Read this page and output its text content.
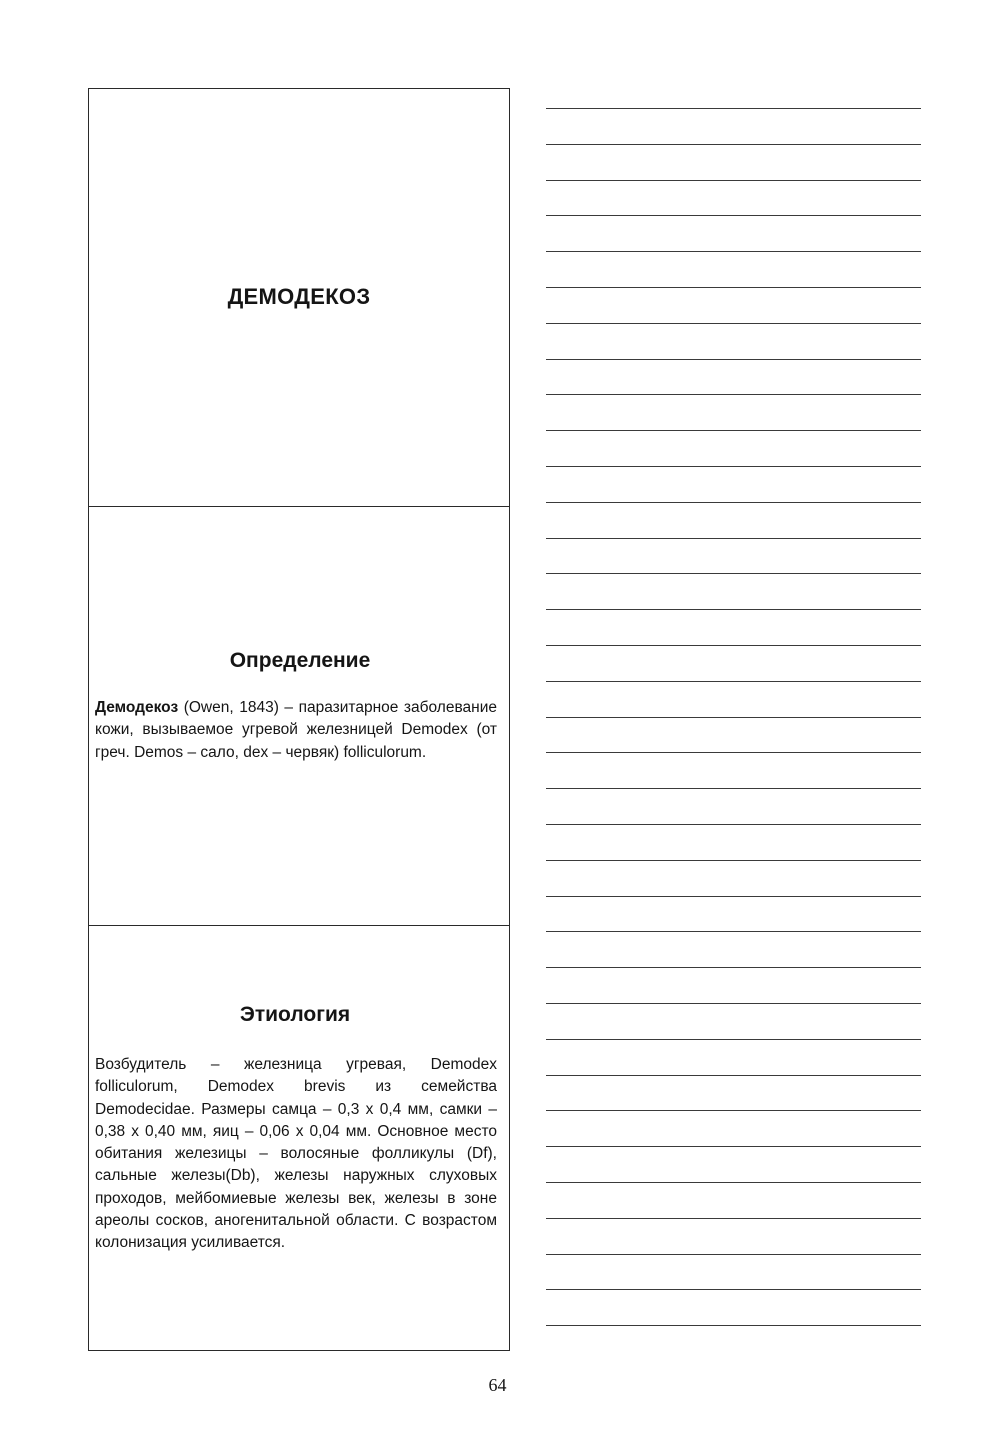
ДЕМОДЕКОЗ
Определение

Демодекоз (Owen, 1843) – паразитарное заболевание кожи, вызываемое угревой железницей Demodex (от греч. Demos – сало, dex – червяк) folliculorum.

Этиология

Возбудитель – железница угревая, Demodex folliculorum, Demodex brevis из семейства Demodecidae. Размеры самца – 0,3 х 0,4 мм, самки – 0,38 х 0,40 мм, яиц – 0,06 х 0,04 мм. Основное место обитания железицы – волосяные фолликулы (Df), сальные железы(Db), железы наружных слуховых проходов, мейбомиевые железы век, железы в зоне ареолы сосков, аногенитальной области. С возрастом колонизация усиливается.

64
